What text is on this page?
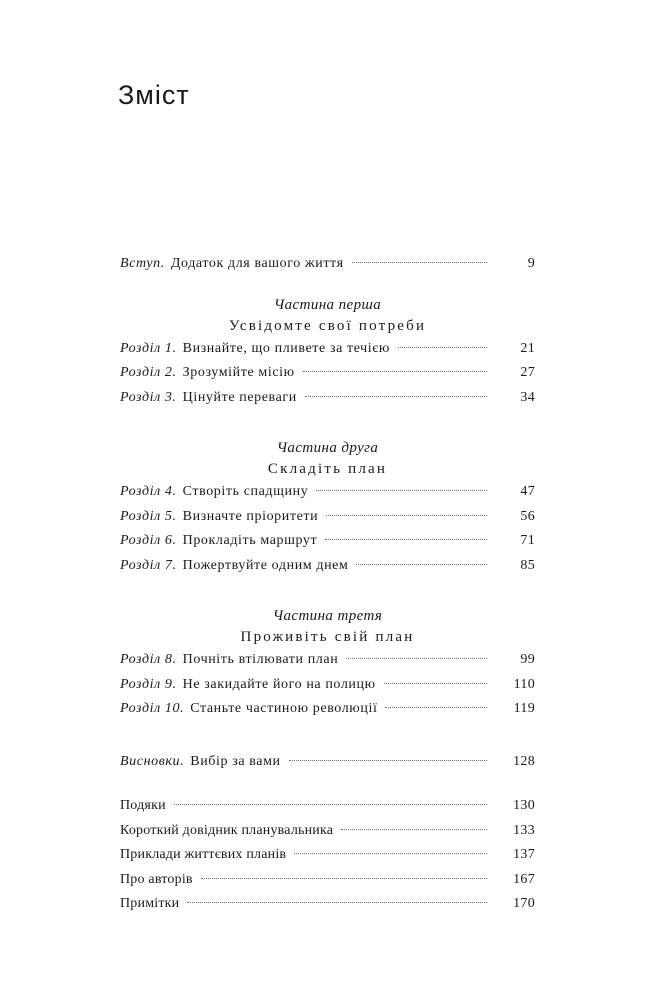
Зміст
Вступ. Додаток для вашого життя	9
Частина перша
Усвідомте свої потреби
Розділ 1. Визнайте, що пливете за течією	21
Розділ 2. Зрозумійте місію	27
Розділ 3. Цінуйте переваги	34
Частина друга
Складіть план
Розділ 4. Створіть спадщину	47
Розділ 5. Визначте пріоритети	56
Розділ 6. Прокладіть маршрут	71
Розділ 7. Пожертвуйте одним днем	85
Частина третя
Проживіть свій план
Розділ 8. Почніть втілювати план	99
Розділ 9. Не закидайте його на полицю	110
Розділ 10. Станьте частиною революції	119
Висновки. Вибір за вами	128
Подяки	130
Короткий довідник планувальника	133
Приклади життєвих планів	137
Про авторів	167
Примітки	170
